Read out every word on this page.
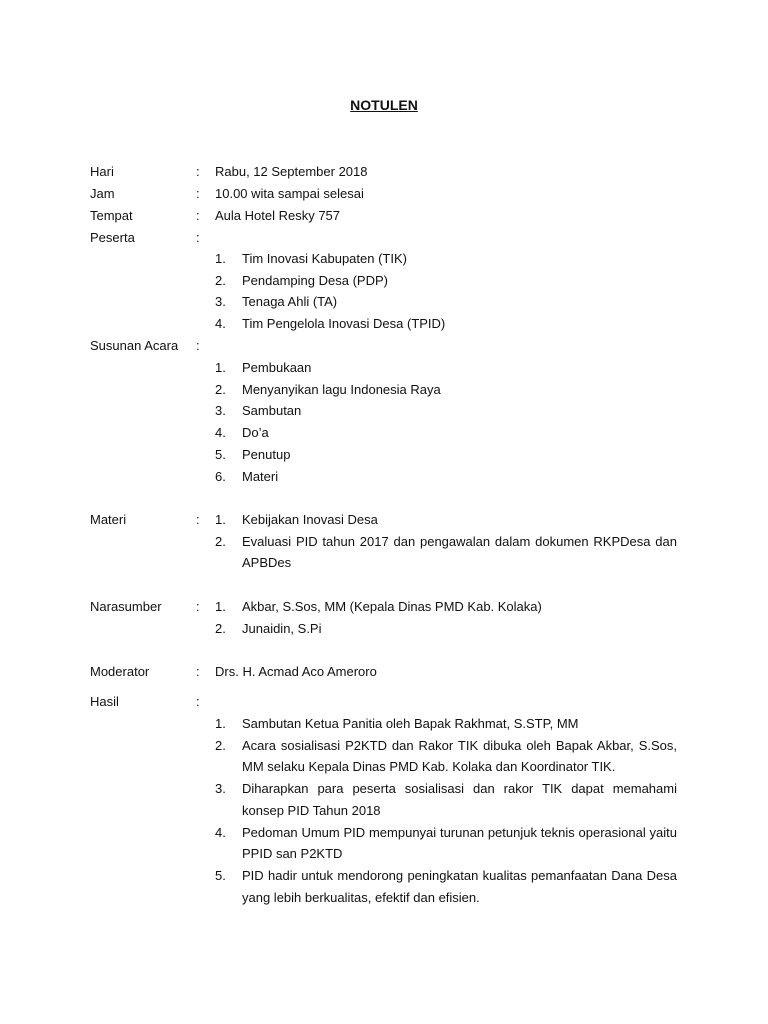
NOTULEN
Hari	: Rabu, 12 September 2018
Jam	: 10.00 wita sampai selesai
Tempat	: Aula Hotel Resky 757
Peserta	:
1. Tim Inovasi Kabupaten (TIK)
2. Pendamping Desa (PDP)
3. Tenaga Ahli (TA)
4. Tim Pengelola Inovasi Desa (TPID)
Susunan Acara :
1. Pembukaan
2. Menyanyikan lagu Indonesia Raya
3. Sambutan
4. Do’a
5. Penutup
6. Materi
Materi	: 1. Kebijakan Inovasi Desa
2. Evaluasi PID tahun 2017 dan pengawalan dalam dokumen RKPDesa dan APBDes
Narasumber	: 1. Akbar, S.Sos, MM (Kepala Dinas PMD Kab. Kolaka)
2. Junaidin, S.Pi
Moderator	: Drs. H. Acmad Aco Ameroro
Hasil	:
1. Sambutan Ketua Panitia oleh Bapak Rakhmat, S.STP, MM
2. Acara sosialisasi P2KTD dan Rakor TIK dibuka oleh Bapak Akbar, S.Sos, MM selaku Kepala Dinas PMD Kab. Kolaka dan Koordinator TIK.
3. Diharapkan para peserta sosialisasi dan rakor TIK dapat memahami konsep PID Tahun 2018
4. Pedoman Umum PID mempunyai turunan petunjuk teknis operasional yaitu PPID san P2KTD
5. PID hadir untuk mendorong peningkatan kualitas pemanfaatan Dana Desa yang lebih berkualitas, efektif dan efisien.
